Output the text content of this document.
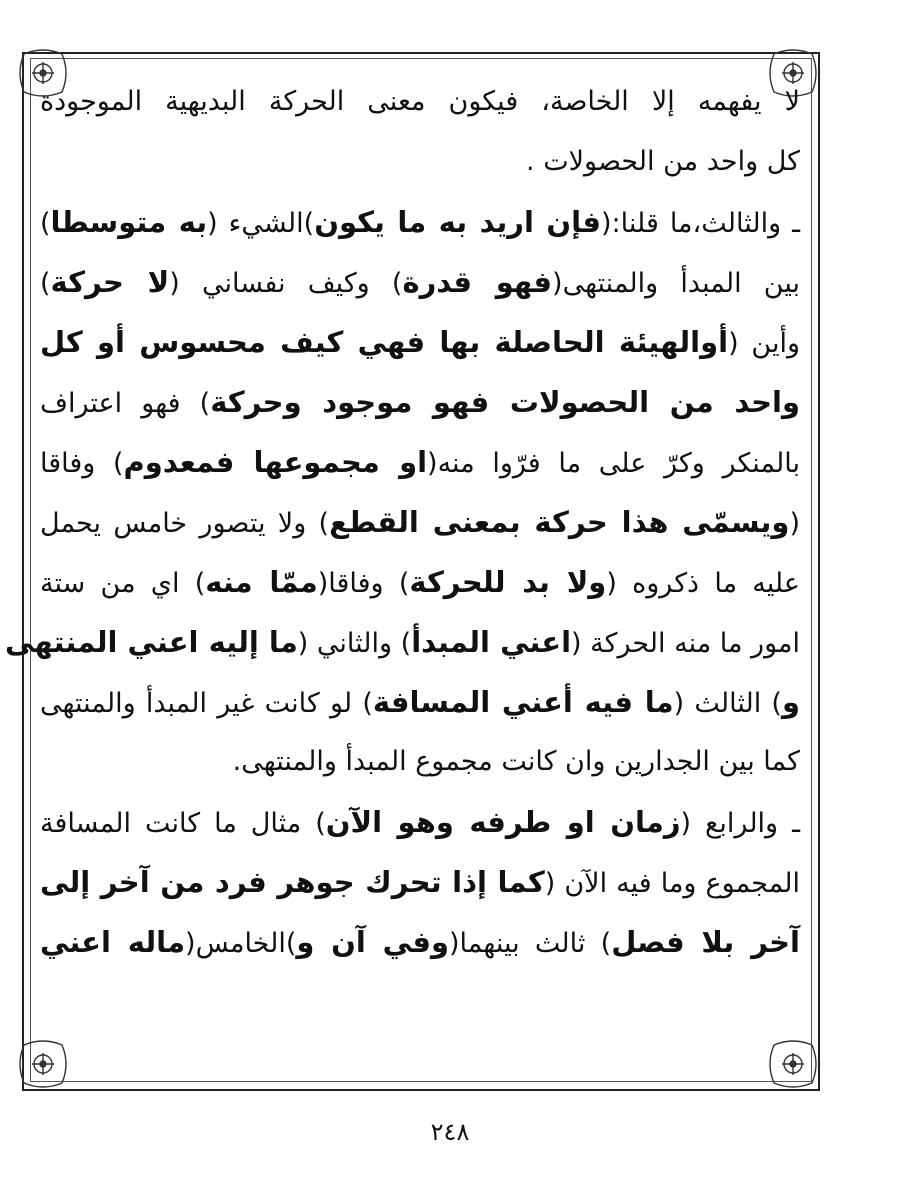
لا يفهمه إلا الخاصة، فيكون معنى الحركة البديهية الموجودة
كل واحد من الحصولات .
ـ والثالث،ما قلنا:(فإن اريد به ما يكون)الشيء (به متوسطا)
بين المبدأ والمنتهى(فهو قدرة) وكيف نفساني (لا حركة)
وأين (أوالهيئة الحاصلة بها فهي كيف محسوس أو كل
واحد من الحصولات فهو موجود وحركة) فهو اعتراف
بالمنكر وكرّ على ما فرّوا منه(او مجموعها فمعدوم) وفاقا
(ويسمّى هذا حركة بمعنى القطع) ولا يتصور خامس يحمل
عليه ما ذكروه (ولا بد للحركة) وفاقا(ممّا منه) اي من ستة
امور ما منه الحركة (اعني المبدأ) والثاني (ما إليه اعني المنتهى
و) الثالث (ما فيه أعني المسافة) لو كانت غير المبدأ والمنتهى
كما بين الجدارين وان كانت مجموع المبدأ والمنتهى.
ـ والرابع (زمان او طرفه وهو الآن) مثال ما كانت المسافة
المجموع وما فيه الآن (كما إذا تحرك جوهر فرد من آخر إلى
آخر بلا فصل) ثالث بينهما(وفي آن و)الخامس(ماله اعني
٢٤٨
